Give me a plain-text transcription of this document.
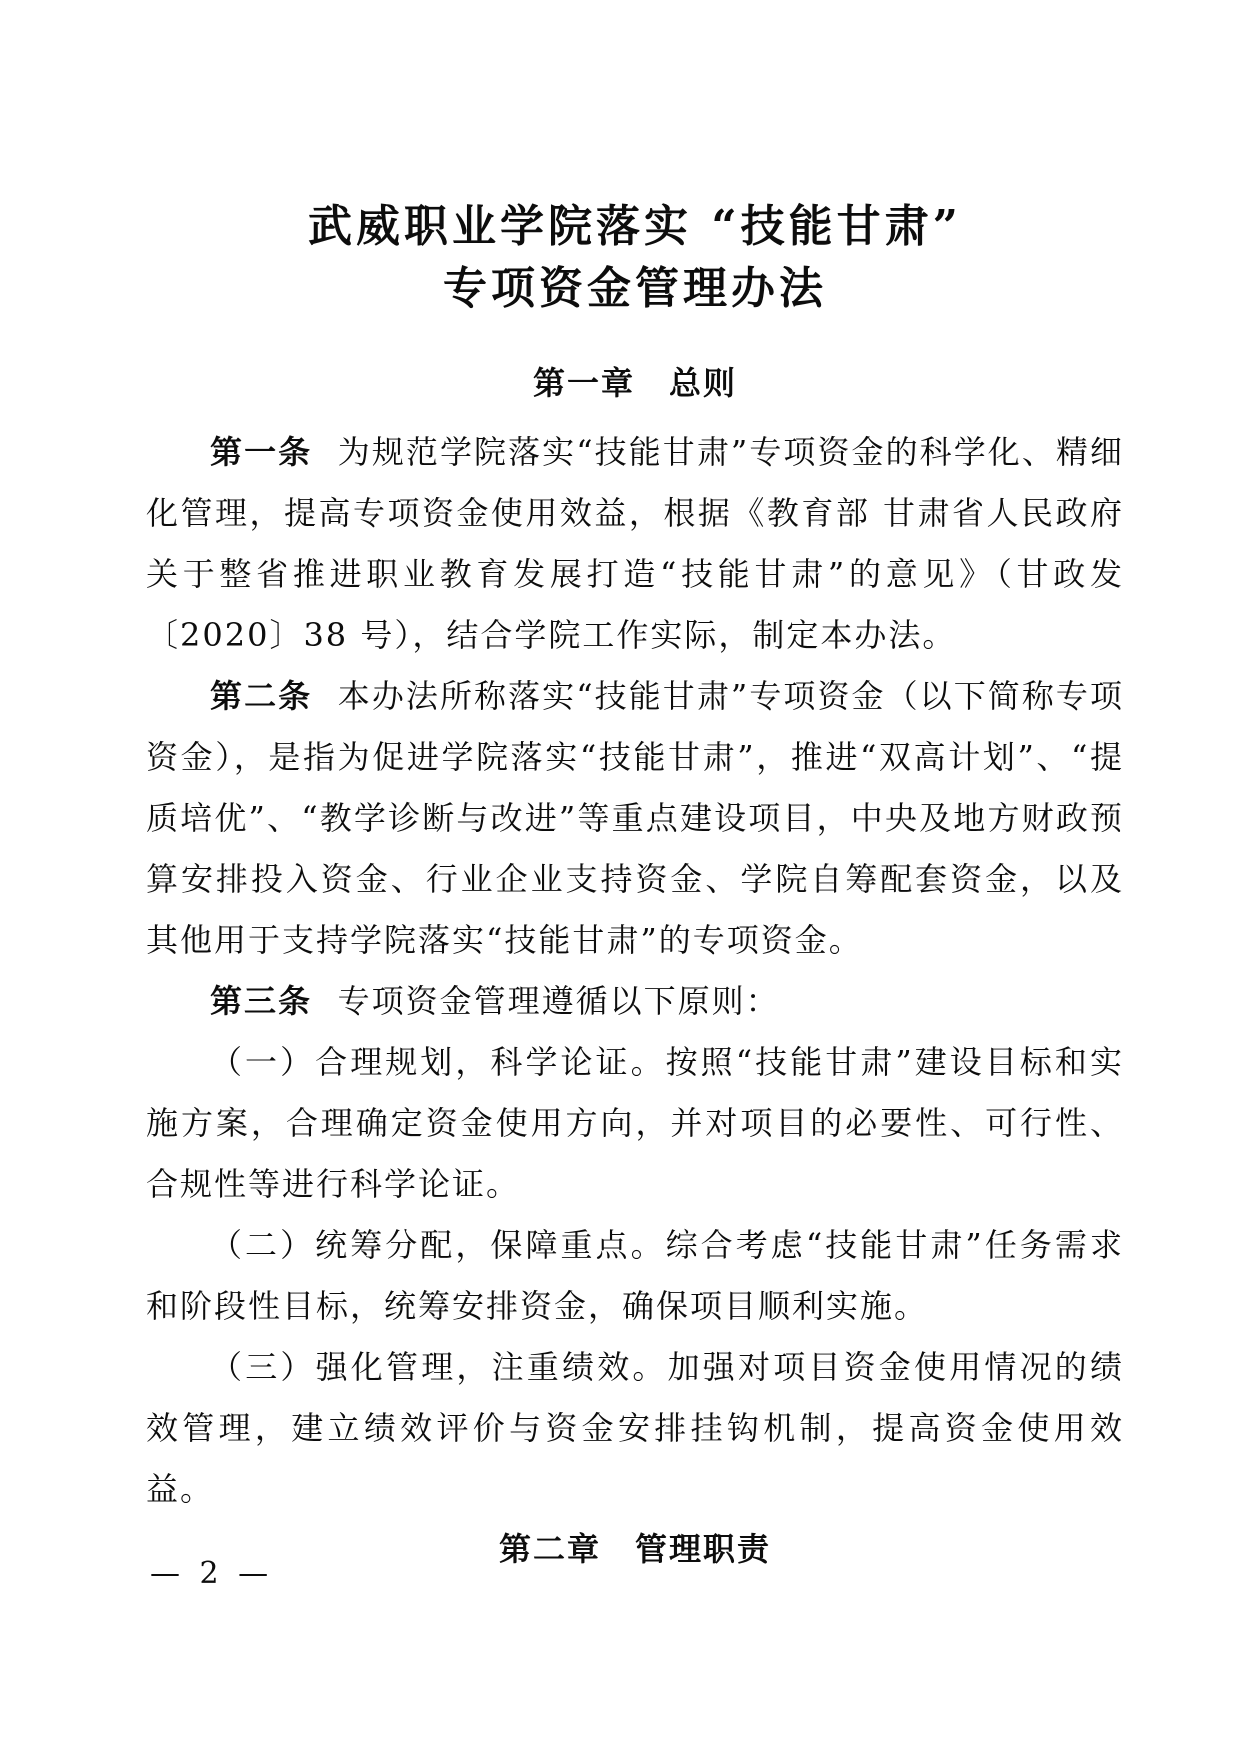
武威职业学院落实 “技能甘肃”
专项资金管理办法
第一章　总则

第一条 为规范学院落实“技能甘肃”专项资金的科学化、精细化管理，提高专项资金使用效益，根据《教育部 甘肃省人民政府关于整省推进职业教育发展打造“技能甘肃”的意见》（甘政发〔2020〕38 号），结合学院工作实际，制定本办法。

第二条 本办法所称落实“技能甘肃”专项资金（以下简称专项资金），是指为促进学院落实“技能甘肃”，推进“双高计划”、“提质培优”、“教学诊断与改进”等重点建设项目，中央及地方财政预算安排投入资金、行业企业支持资金、学院自筹配套资金，以及其他用于支持学院落实“技能甘肃”的专项资金。

第三条 专项资金管理遵循以下原则：

（一）合理规划，科学论证。按照“技能甘肃”建设目标和实施方案，合理确定资金使用方向，并对项目的必要性、可行性、合规性等进行科学论证。

（二）统筹分配，保障重点。综合考虑“技能甘肃”任务需求和阶段性目标，统筹安排资金，确保项目顺利实施。

（三）强化管理，注重绩效。加强对项目资金使用情况的绩效管理，建立绩效评价与资金安排挂钩机制，提高资金使用效益。

第二章　管理职责
— 2 —
